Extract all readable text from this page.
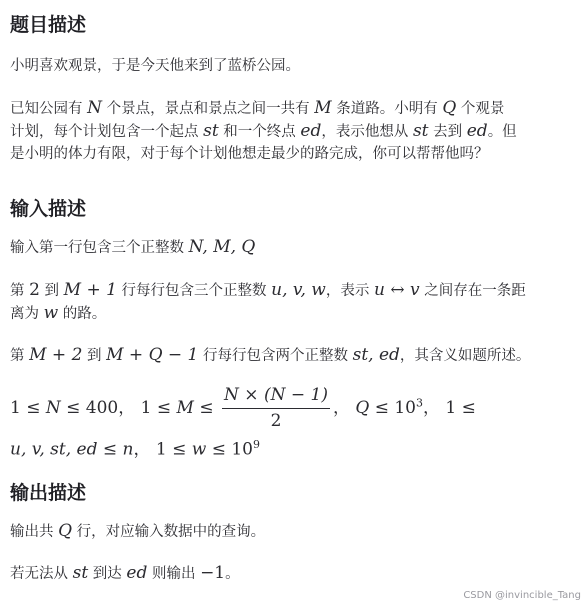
题目描述

小明喜欢观景，于是今天他来到了蓝桥公园。

已知公园有 N 个景点，景点和景点之间一共有 M 条道路。小明有 Q 个观景
计划，每个计划包含一个起点 st 和一个终点 ed，表示他想从 st 去到 ed。但
是小明的体力有限，对于每个计划他想走最少的路完成，你可以帮帮他吗？
输入描述
输入第一行包含三个正整数 N, M, Q
第 2 到 M + 1 行每行包含三个正整数 u, v, w，表示 u ↔ v 之间存在一条距
离为 w 的路。
第 M + 2 到 M + Q − 1 行每行包含两个正整数 st, ed，其含义如题所述。
1 ≤ N ≤ 400， $1 \le M \le \frac{N \times (N - 1)}{2}$ ， $Q \le 10^3$， 1 ≤
u, v, st, ed ≤ n， $1 \le w \le 10^9$
输出描述
输出共 Q 行，对应输入数据中的查询。
若无法从 st 到达 ed 则输出 −1。
CSDN @invincible_Tang
